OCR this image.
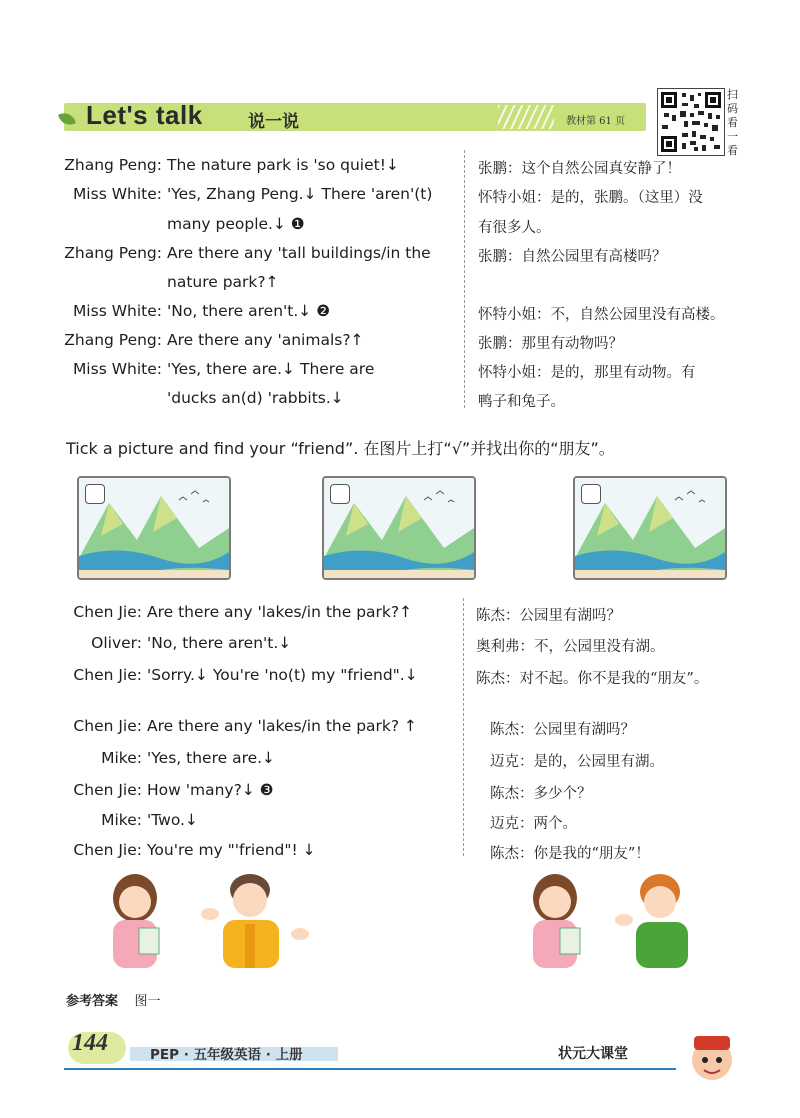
Let's talk	说一说	教材第 61 页
扫
码
看
一
看
Zhang Peng: The nature park is 'so quiet!↓	张鹏：这个自然公园真安静了！
Miss White: 'Yes, Zhang Peng.↓ There 'aren'(t)	怀特小姐：是的，张鹏。（这里）没
many people.↓ ❶	有很多人。
Zhang Peng: Are there any 'tall buildings/in the	张鹏：自然公园里有高楼吗？
nature park?↑
Miss White: 'No, there aren't.↓ ❷	怀特小姐：不，自然公园里没有高楼。
Zhang Peng: Are there any 'animals?↑	张鹏：那里有动物吗？
Miss White: 'Yes, there are.↓ There are	怀特小姐：是的，那里有动物。有
'ducks an(d) 'rabbits.↓	鸭子和兔子。
Tick a picture and find your “friend”. 在图片上打“√”并找出你的“朋友”。
Chen Jie: Are there any 'lakes/in the park?↑	陈杰：公园里有湖吗？
Oliver: 'No, there aren't.↓	奥利弗：不，公园里没有湖。
Chen Jie: 'Sorry.↓ You're 'no(t) my "friend".↓	陈杰：对不起。你不是我的“朋友”。
Chen Jie: Are there any 'lakes/in the park? ↑	陈杰：公园里有湖吗？
Mike: 'Yes, there are.↓	迈克：是的，公园里有湖。
Chen Jie: How 'many?↓ ❸	陈杰：多少个？
Mike: 'Two.↓	迈克：两个。
Chen Jie: You're my "'friend"! ↓	陈杰：你是我的“朋友”！
参考答案 图一
144	PEP · 五年级英语 · 上册	状元大课堂
